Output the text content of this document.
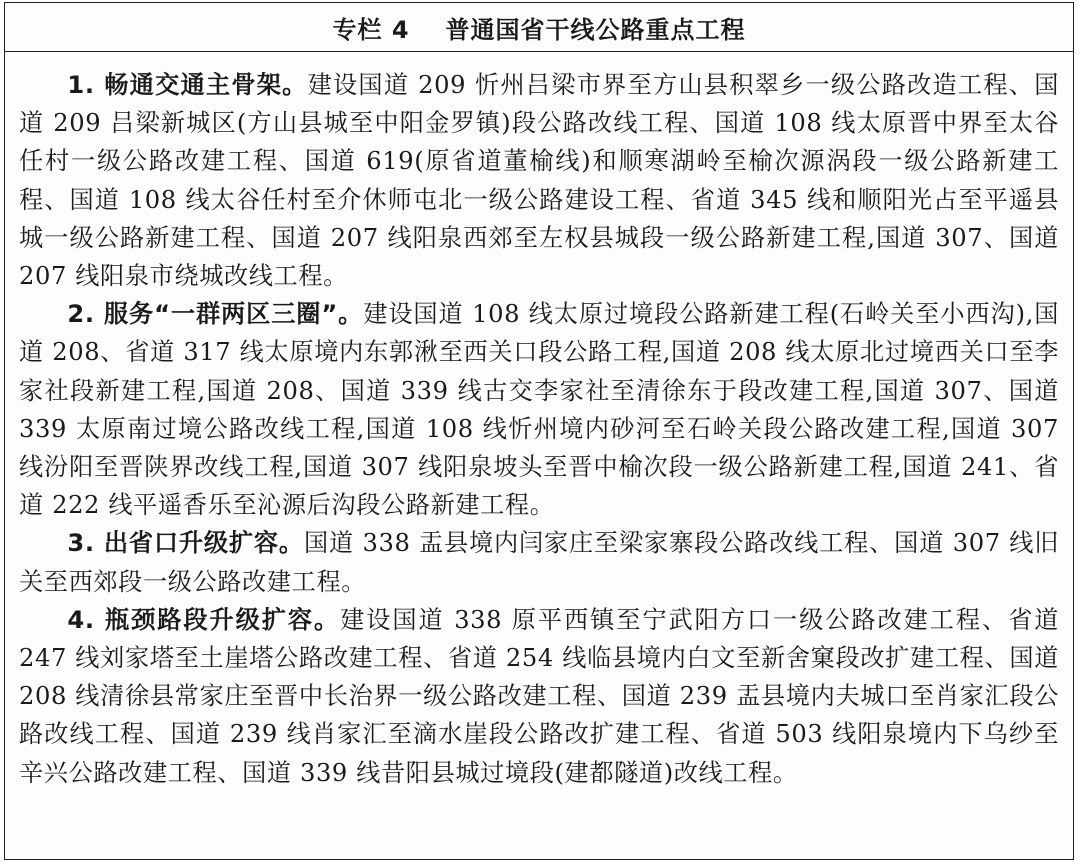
专栏 4 普通国省干线公路重点工程

1. 畅通交通主骨架。建设国道 209 忻州吕梁市界至方山县积翠乡一级公路改造工程、国道 209 吕梁新城区(方山县城至中阳金罗镇)段公路改线工程、国道 108 线太原晋中界至太谷任村一级公路改建工程、国道 619(原省道董榆线)和顺寒湖岭至榆次源涡段一级公路新建工程、国道 108 线太谷任村至介休师屯北一级公路建设工程、省道 345 线和顺阳光占至平遥县城一级公路新建工程、国道 207 线阳泉西郊至左权县城段一级公路新建工程,国道 307、国道 207 线阳泉市绕城改线工程。

2. 服务“一群两区三圈”。建设国道 108 线太原过境段公路新建工程(石岭关至小西沟),国道 208、省道 317 线太原境内东郭湫至西关口段公路工程,国道 208 线太原北过境西关口至李家社段新建工程,国道 208、国道 339 线古交李家社至清徐东于段改建工程,国道 307、国道 339 太原南过境公路改线工程,国道 108 线忻州境内砂河至石岭关段公路改建工程,国道 307 线汾阳至晋陕界改线工程,国道 307 线阳泉坡头至晋中榆次段一级公路新建工程,国道 241、省道 222 线平遥香乐至沁源后沟段公路新建工程。

3. 出省口升级扩容。国道 338 盂县境内闫家庄至梁家寨段公路改线工程、国道 307 线旧关至西郊段一级公路改建工程。

4. 瓶颈路段升级扩容。建设国道 338 原平西镇至宁武阳方口一级公路改建工程、省道 247 线刘家塔至土崖塔公路改建工程、省道 254 线临县境内白文至新舍窠段改扩建工程、国道 208 线清徐县常家庄至晋中长治界一级公路改建工程、国道 239 盂县境内夫城口至肖家汇段公路改线工程、国道 239 线肖家汇至滴水崖段公路改扩建工程、省道 503 线阳泉境内下乌纱至辛兴公路改建工程、国道 339 线昔阳县城过境段(建都隧道)改线工程。
